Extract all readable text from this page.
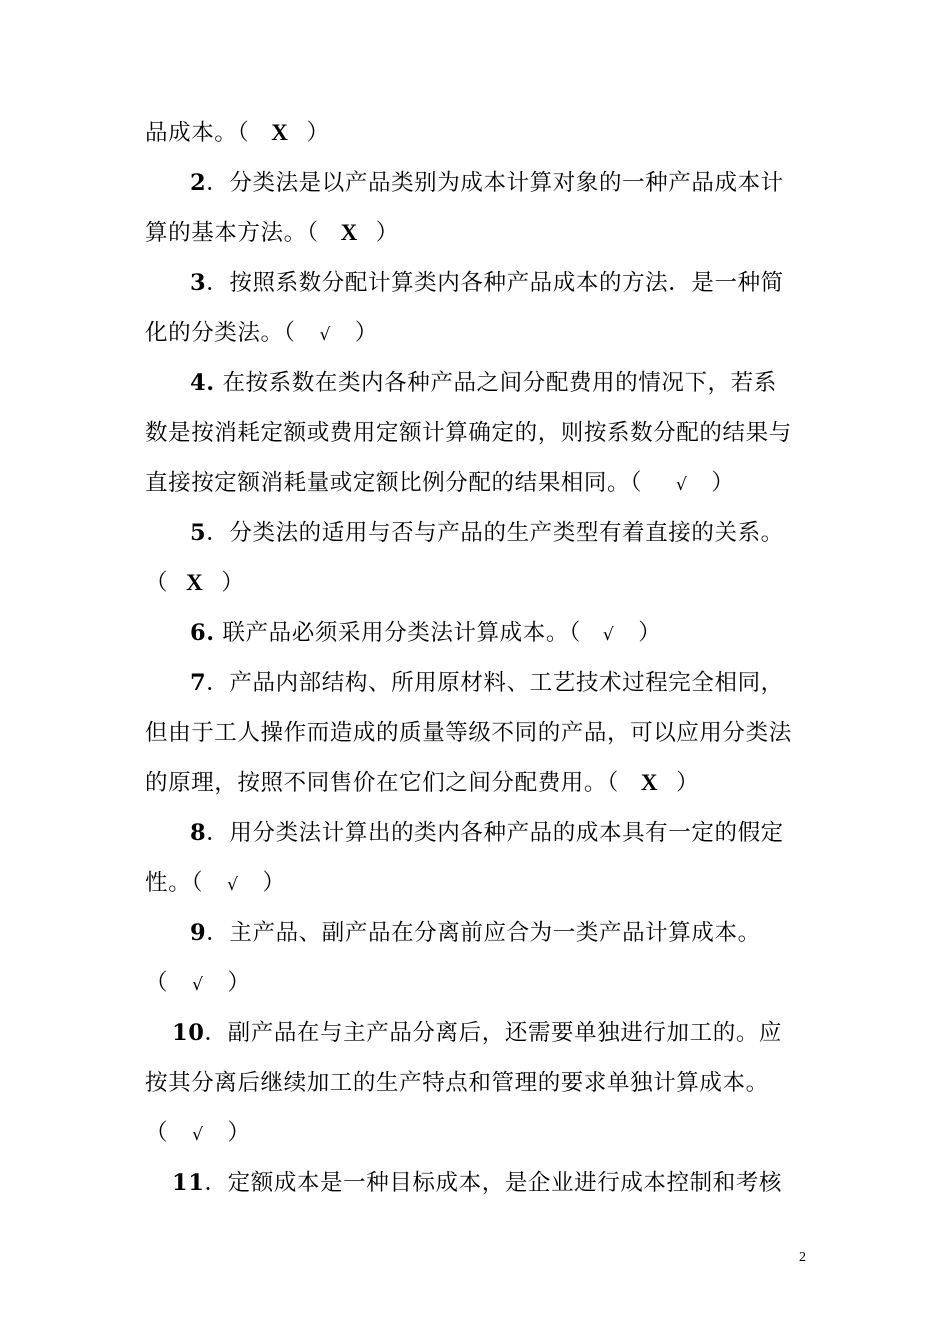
品成本。（ X ）
2．分类法是以产品类别为成本计算对象的一种产品成本计
算的基本方法。（ X ）
3．按照系数分配计算类内各种产品成本的方法．是一种简
化的分类法。（ √ ）
4. 在按系数在类内各种产品之间分配费用的情况下，若系
数是按消耗定额或费用定额计算确定的，则按系数分配的结果与
直接按定额消耗量或定额比例分配的结果相同。（ √ ）
5．分类法的适用与否与产品的生产类型有着直接的关系。
（ X ）
6. 联产品必须采用分类法计算成本。（ √ ）
7．产品内部结构、所用原材料、工艺技术过程完全相同，
但由于工人操作而造成的质量等级不同的产品，可以应用分类法
的原理，按照不同售价在它们之间分配费用。（ X ）
8．用分类法计算出的类内各种产品的成本具有一定的假定
性。（ √ ）
9．主产品、副产品在分离前应合为一类产品计算成本。
（ √ ）
10．副产品在与主产品分离后，还需要单独进行加工的。应
按其分离后继续加工的生产特点和管理的要求单独计算成本。
（ √ ）
11．定额成本是一种目标成本，是企业进行成本控制和考核
2
